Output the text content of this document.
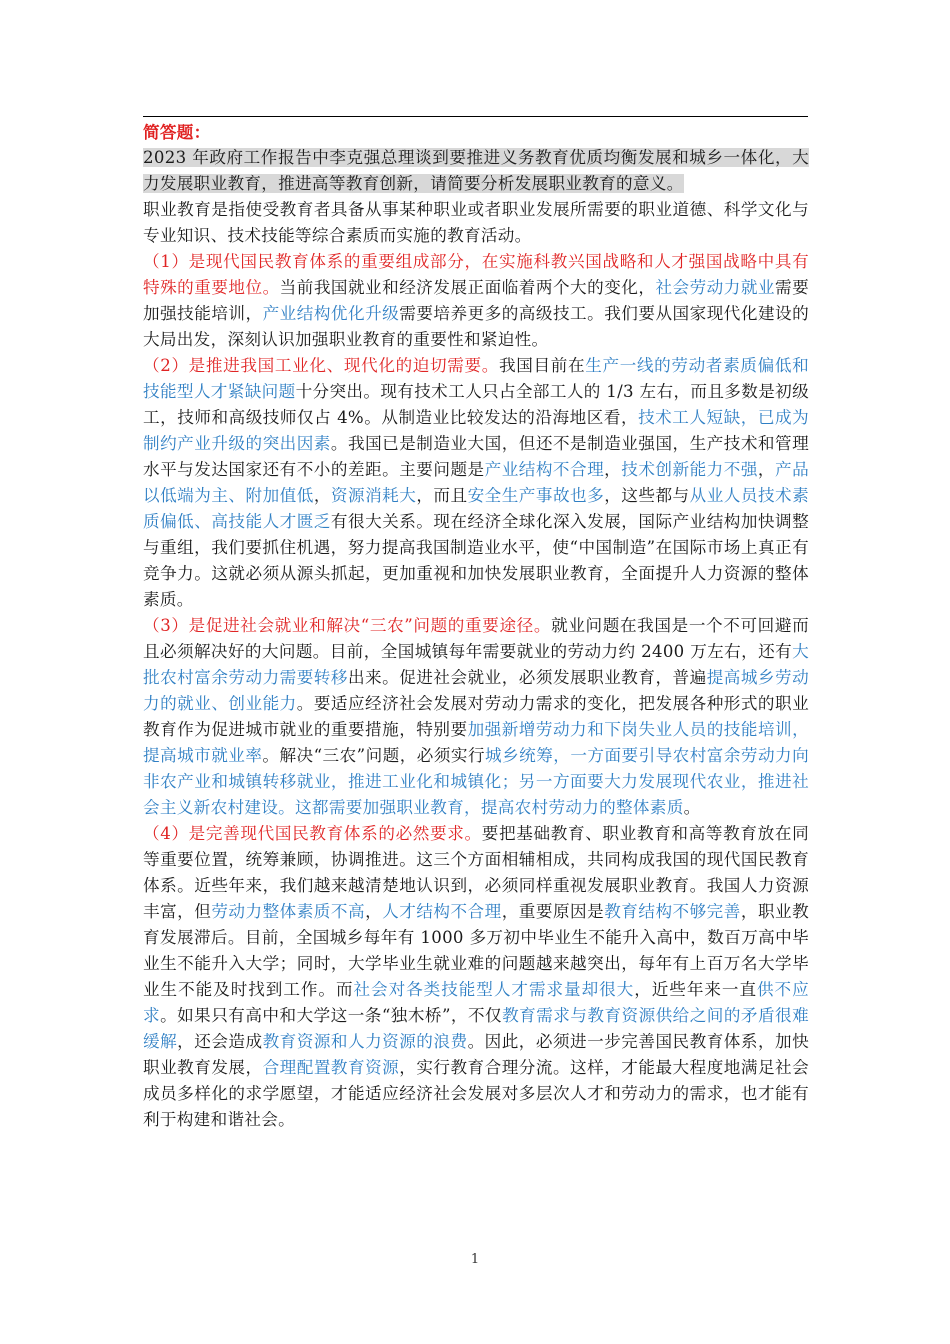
简答题：
2023 年政府工作报告中李克强总理谈到要推进义务教育优质均衡发展和城乡一体化，大力发展职业教育，推进高等教育创新，请简要分析发展职业教育的意义。
职业教育是指使受教育者具备从事某种职业或者职业发展所需要的职业道德、科学文化与专业知识、技术技能等综合素质而实施的教育活动。
（1）是现代国民教育体系的重要组成部分，在实施科教兴国战略和人才强国战略中具有特殊的重要地位。当前我国就业和经济发展正面临着两个大的变化，社会劳动力就业需要加强技能培训，产业结构优化升级需要培养更多的高级技工。我们要从国家现代化建设的大局出发，深刻认识加强职业教育的重要性和紧迫性。
（2）是推进我国工业化、现代化的迫切需要。我国目前在生产一线的劳动者素质偏低和技能型人才紧缺问题十分突出。现有技术工人只占全部工人的 1/3 左右，而且多数是初级工，技师和高级技师仅占 4%。从制造业比较发达的沿海地区看，技术工人短缺，已成为制约产业升级的突出因素。我国已是制造业大国，但还不是制造业强国，生产技术和管理水平与发达国家还有不小的差距。主要问题是产业结构不合理，技术创新能力不强，产品以低端为主、附加值低，资源消耗大，而且安全生产事故也多，这些都与从业人员技术素质偏低、高技能人才匮乏有很大关系。现在经济全球化深入发展，国际产业结构加快调整与重组，我们要抓住机遇，努力提高我国制造业水平，使“中国制造”在国际市场上真正有竞争力。这就必须从源头抓起，更加重视和加快发展职业教育，全面提升人力资源的整体素质。
（3）是促进社会就业和解决“三农”问题的重要途径。就业问题在我国是一个不可回避而且必须解决好的大问题。目前，全国城镇每年需要就业的劳动力约 2400 万左右，还有大批农村富余劳动力需要转移出来。促进社会就业，必须发展职业教育，普遍提高城乡劳动力的就业、创业能力。要适应经济社会发展对劳动力需求的变化，把发展各种形式的职业教育作为促进城市就业的重要措施，特别要加强新增劳动力和下岗失业人员的技能培训，提高城市就业率。解决“三农”问题，必须实行城乡统筹，一方面要引导农村富余劳动力向非农产业和城镇转移就业，推进工业化和城镇化；另一方面要大力发展现代农业，推进社会主义新农村建设。这都需要加强职业教育，提高农村劳动力的整体素质。
（4）是完善现代国民教育体系的必然要求。要把基础教育、职业教育和高等教育放在同等重要位置，统筹兼顾，协调推进。这三个方面相辅相成，共同构成我国的现代国民教育体系。近些年来，我们越来越清楚地认识到，必须同样重视发展职业教育。我国人力资源丰富，但劳动力整体素质不高，人才结构不合理，重要原因是教育结构不够完善，职业教育发展滞后。目前，全国城乡每年有 1000 多万初中毕业生不能升入高中，数百万高中毕业生不能升入大学；同时，大学毕业生就业难的问题越来越突出，每年有上百万名大学毕业生不能及时找到工作。而社会对各类技能型人才需求量却很大，近些年来一直供不应求。如果只有高中和大学这一条“独木桥”，不仅教育需求与教育资源供给之间的矛盾很难缓解，还会造成教育资源和人力资源的浪费。因此，必须进一步完善国民教育体系，加快职业教育发展，合理配置教育资源，实行教育合理分流。这样，才能最大程度地满足社会成员多样化的求学愿望，才能适应经济社会发展对多层次人才和劳动力的需求，也才能有利于构建和谐社会。
1
